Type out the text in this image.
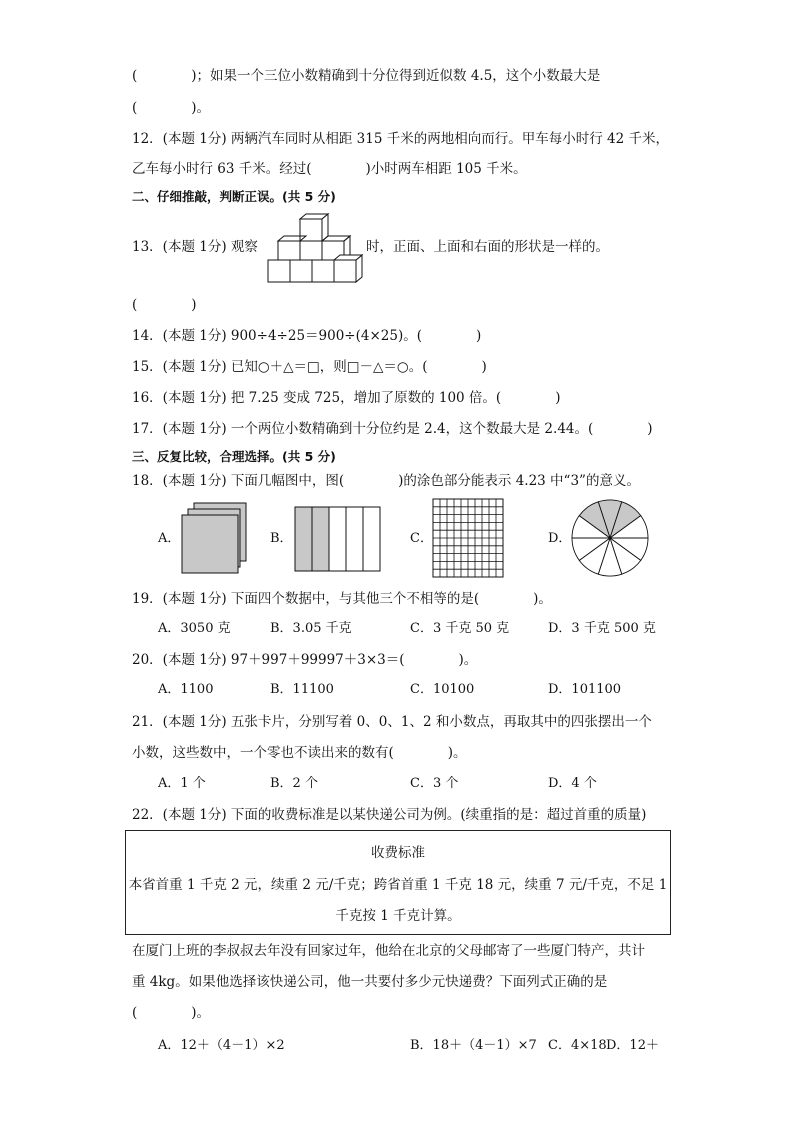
(　　　　)；如果一个三位小数精确到十分位得到近似数 4.5，这个小数最大是
(　　　　)。
12．(本题 1分) 两辆汽车同时从相距 315 千米的两地相向而行。甲车每小时行 42 千米，
乙车每小时行 63 千米。经过(　　　　)小时两车相距 105 千米。
二、仔细推敲，判断正误。(共 5 分)
13．(本题 1分) 观察	时，正面、上面和右面的形状是一样的。
(　　　　)
14．(本题 1分) 900÷4÷25＝900÷(4×25)。(　　　　)
15．(本题 1分) 已知○＋△＝□，则□－△＝○。(　　　　)
16．(本题 1分) 把 7.25 变成 725，增加了原数的 100 倍。(　　　　)
17．(本题 1分) 一个两位小数精确到十分位约是 2.4，这个数最大是 2.44。(　　　　)
三、反复比较，合理选择。(共 5 分)
18．(本题 1分) 下面几幅图中，图(　　　　)的涂色部分能表示 4.23 中“3”的意义。
A．	B．	C．	D．
19．(本题 1分) 下面四个数据中，与其他三个不相等的是(　　　　)。
A．3050 克	B．3.05 千克	C．3 千克 50 克	D．3 千克 500 克
20．(本题 1分) 97＋997＋99997＋3×3＝(　　　　)。
A．1100	B．11100	C．10100	D．101100
21．(本题 1分) 五张卡片，分别写着 0、0、1、2 和小数点，再取其中的四张摆出一个
小数，这些数中，一个零也不读出来的数有(　　　　)。
A．1 个	B．2 个	C．3 个	D．4 个
22．(本题 1分) 下面的收费标准是以某快递公司为例。(续重指的是：超过首重的质量)
收费标准
本省首重 1 千克 2 元，续重 2 元/千克；跨省首重 1 千克 18 元，续重 7 元/千克，不足 1
千克按 1 千克计算。
在厦门上班的李叔叔去年没有回家过年，他给在北京的父母邮寄了一些厦门特产，共计
重 4kg。如果他选择该快递公司，他一共要付多少元快递费？下面列式正确的是
(　　　　)。
A．12＋（4－1）×2	B．18＋（4－1）×7 C．4×18 D．12＋
